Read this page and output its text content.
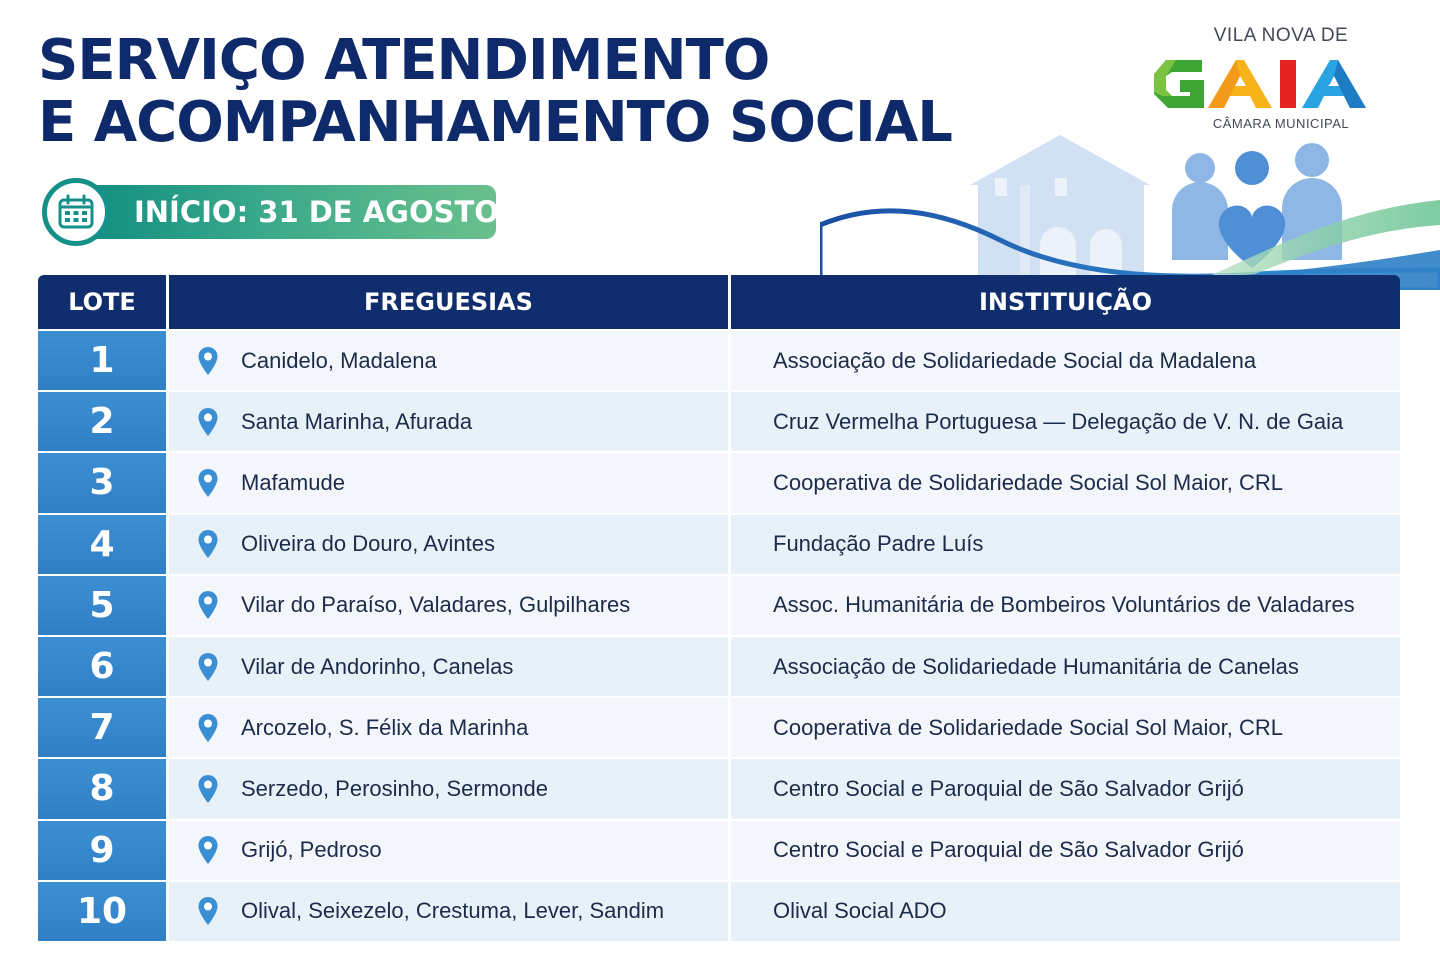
SERVIÇO ATENDIMENTO
E ACOMPANHAMENTO SOCIAL
INÍCIO: 31 DE AGOSTO
VILA NOVA DE
CÂMARA MUNICIPAL
LOTE	FREGUESIAS	INSTITUIÇÃO
1	Canidelo, Madalena	Associação de Solidariedade Social da Madalena
2	Santa Marinha, Afurada	Cruz Vermelha Portuguesa — Delegação de V. N. de Gaia
3	Mafamude	Cooperativa de Solidariedade Social Sol Maior, CRL
4	Oliveira do Douro, Avintes	Fundação Padre Luís
5	Vilar do Paraíso, Valadares, Gulpilhares	Assoc. Humanitária de Bombeiros Voluntários de Valadares
6	Vilar de Andorinho, Canelas	Associação de Solidariedade Humanitária de Canelas
7	Arcozelo, S. Félix da Marinha	Cooperativa de Solidariedade Social Sol Maior, CRL
8	Serzedo, Perosinho, Sermonde	Centro Social e Paroquial de São Salvador Grijó
9	Grijó, Pedroso	Centro Social e Paroquial de São Salvador Grijó
10	Olival, Seixezelo, Crestuma, Lever, Sandim	Olival Social ADO
